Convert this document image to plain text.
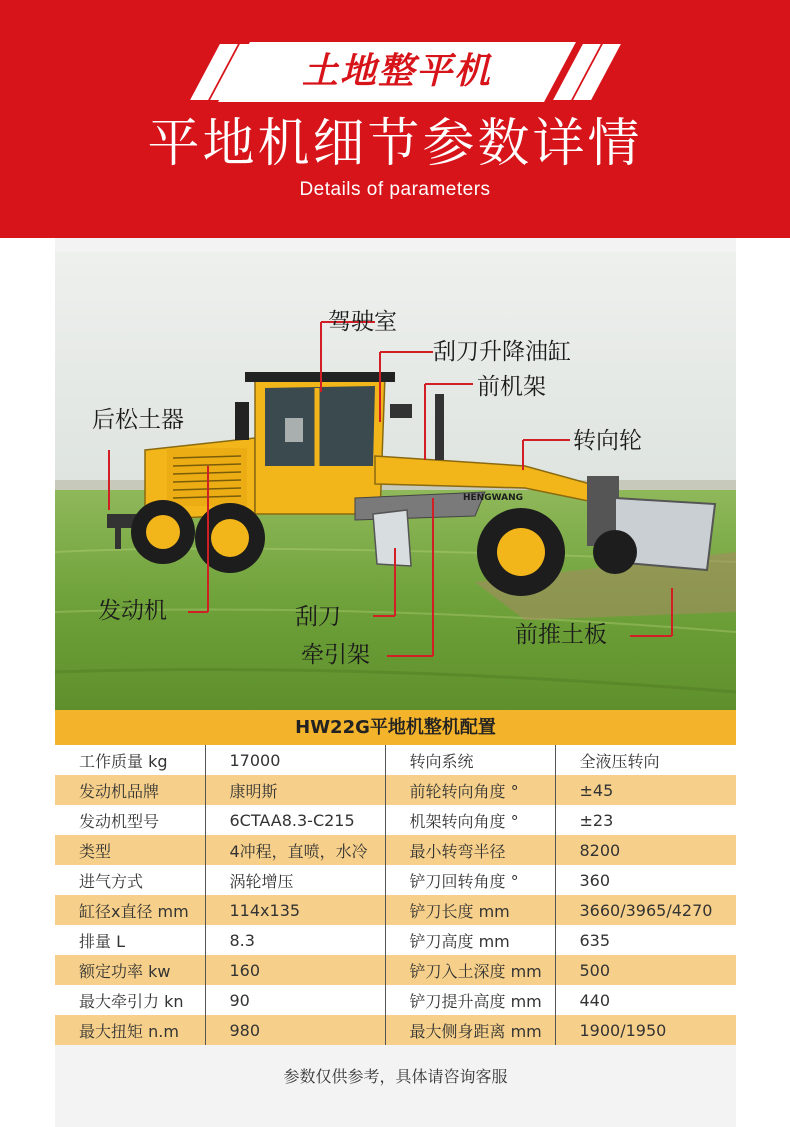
土地整平机
平地机细节参数详情
Details of parameters
HENGWANG
驾驶室
刮刀升降油缸
前机架
后松土器
转向轮
发动机	刮刀
前推土板
牵引架
HW22G平地机整机配置
工作质量 kg	17000	转向系统	全液压转向
发动机品牌	康明斯	前轮转向角度 °	±45
发动机型号	6CTAA8.3-C215	机架转向角度 °	±23
类型	4冲程，直喷，水冷	最小转弯半径	8200
进气方式	涡轮增压	铲刀回转角度 °	360
缸径x直径 mm	114x135	铲刀长度 mm	3660/3965/4270
排量 L	8.3	铲刀高度 mm	635
额定功率 kw	160	铲刀入土深度 mm	500
最大牵引力 kn	90	铲刀提升高度 mm	440
最大扭矩 n.m	980	最大侧身距离 mm	1900/1950
参数仅供参考，具体请咨询客服
